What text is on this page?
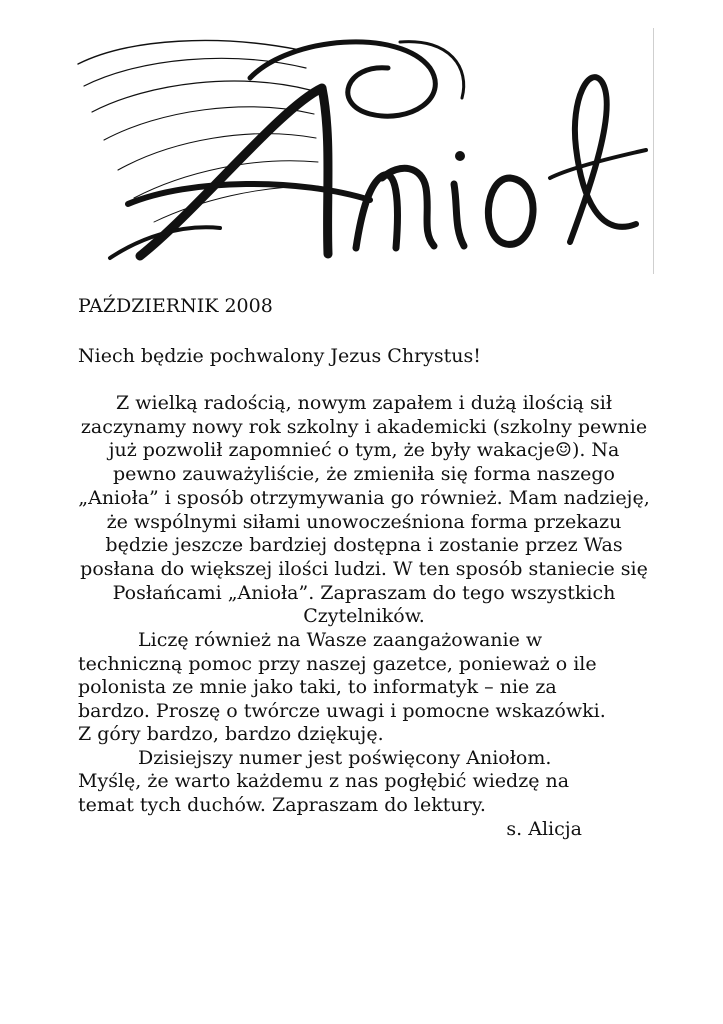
PAŹDZIERNIK 2008

Niech będzie pochwalony Jezus Chrystus!

Z wielką radością, nowym zapałem i dużą ilością sił zaczynamy nowy rok szkolny i akademicki (szkolny pewnie już pozwolił zapomnieć o tym, że były wakacje☺). Na pewno zauważyliście, że zmieniła się forma naszego „Anioła” i sposób otrzymywania go również. Mam nadzieję, że wspólnymi siłami unowocześniona forma przekazu będzie jeszcze bardziej dostępna i zostanie przez Was posłana do większej ilości ludzi. W ten sposób staniecie się Posłańcami „Anioła”. Zapraszam do tego wszystkich Czytelników.

Liczę również na Wasze zaangażowanie w techniczną pomoc przy naszej gazetce, ponieważ o ile polonista ze mnie jako taki, to informatyk – nie za bardzo. Proszę o twórcze uwagi i pomocne wskazówki. Z góry bardzo, bardzo dziękuję.

Dzisiejszy numer jest poświęcony Aniołom. Myślę, że warto każdemu z nas pogłębić wiedzę na temat tych duchów. Zapraszam do lektury.

s. Alicja
